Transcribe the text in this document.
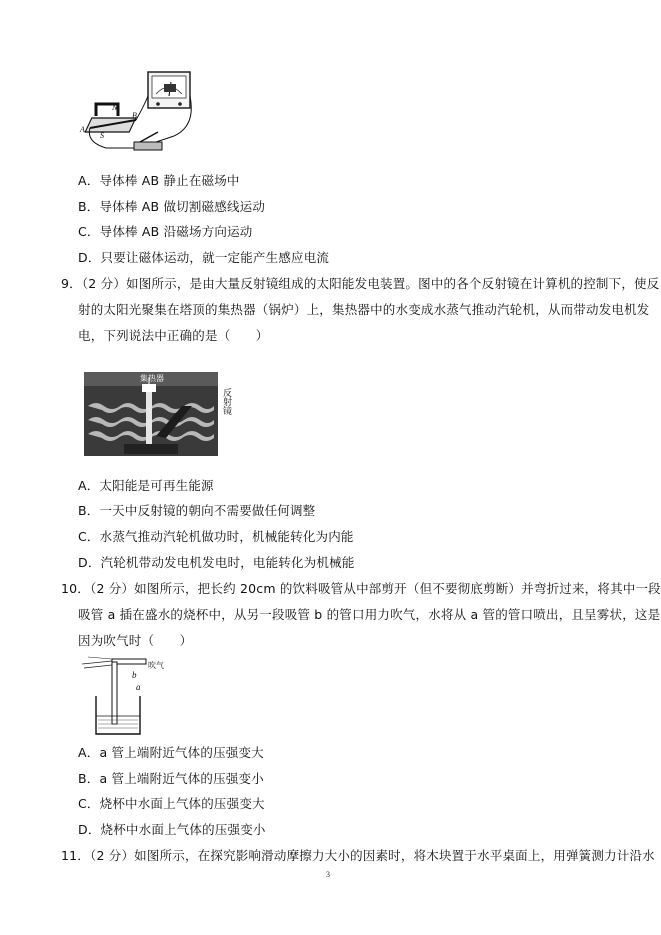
N
A
B
S
A．导体棒 AB 静止在磁场中
B．导体棒 AB 做切割磁感线运动
C．导体棒 AB 沿磁场方向运动
D．只要让磁体运动，就一定能产生感应电流
9．（2 分）如图所示，是由大量反射镜组成的太阳能发电装置。图中的各个反射镜在计算机的控制下，使反
射的太阳光聚集在塔顶的集热器（锅炉）上，集热器中的水变成水蒸气推动汽轮机，从而带动发电机发
电，下列说法中正确的是（　　）
集热器
反射镜
A．太阳能是可再生能源
B．一天中反射镜的朝向不需要做任何调整
C．水蒸气推动汽轮机做功时，机械能转化为内能
D．汽轮机带动发电机发电时，电能转化为机械能
10．（2 分）如图所示，把长约 20cm 的饮料吸管从中部剪开（但不要彻底剪断）并弯折过来，将其中一段
吸管 a 插在盛水的烧杯中，从另一段吸管 b 的管口用力吹气，水将从 a 管的管口喷出，且呈雾状，这是
因为吹气时（　　）
b
a
吹气
A．a 管上端附近气体的压强变大
B．a 管上端附近气体的压强变小
C．烧杯中水面上气体的压强变大
D．烧杯中水面上气体的压强变小
11．（2 分）如图所示，在探究影响滑动摩擦力大小的因素时，将木块置于水平桌面上，用弹簧测力计沿水
3
